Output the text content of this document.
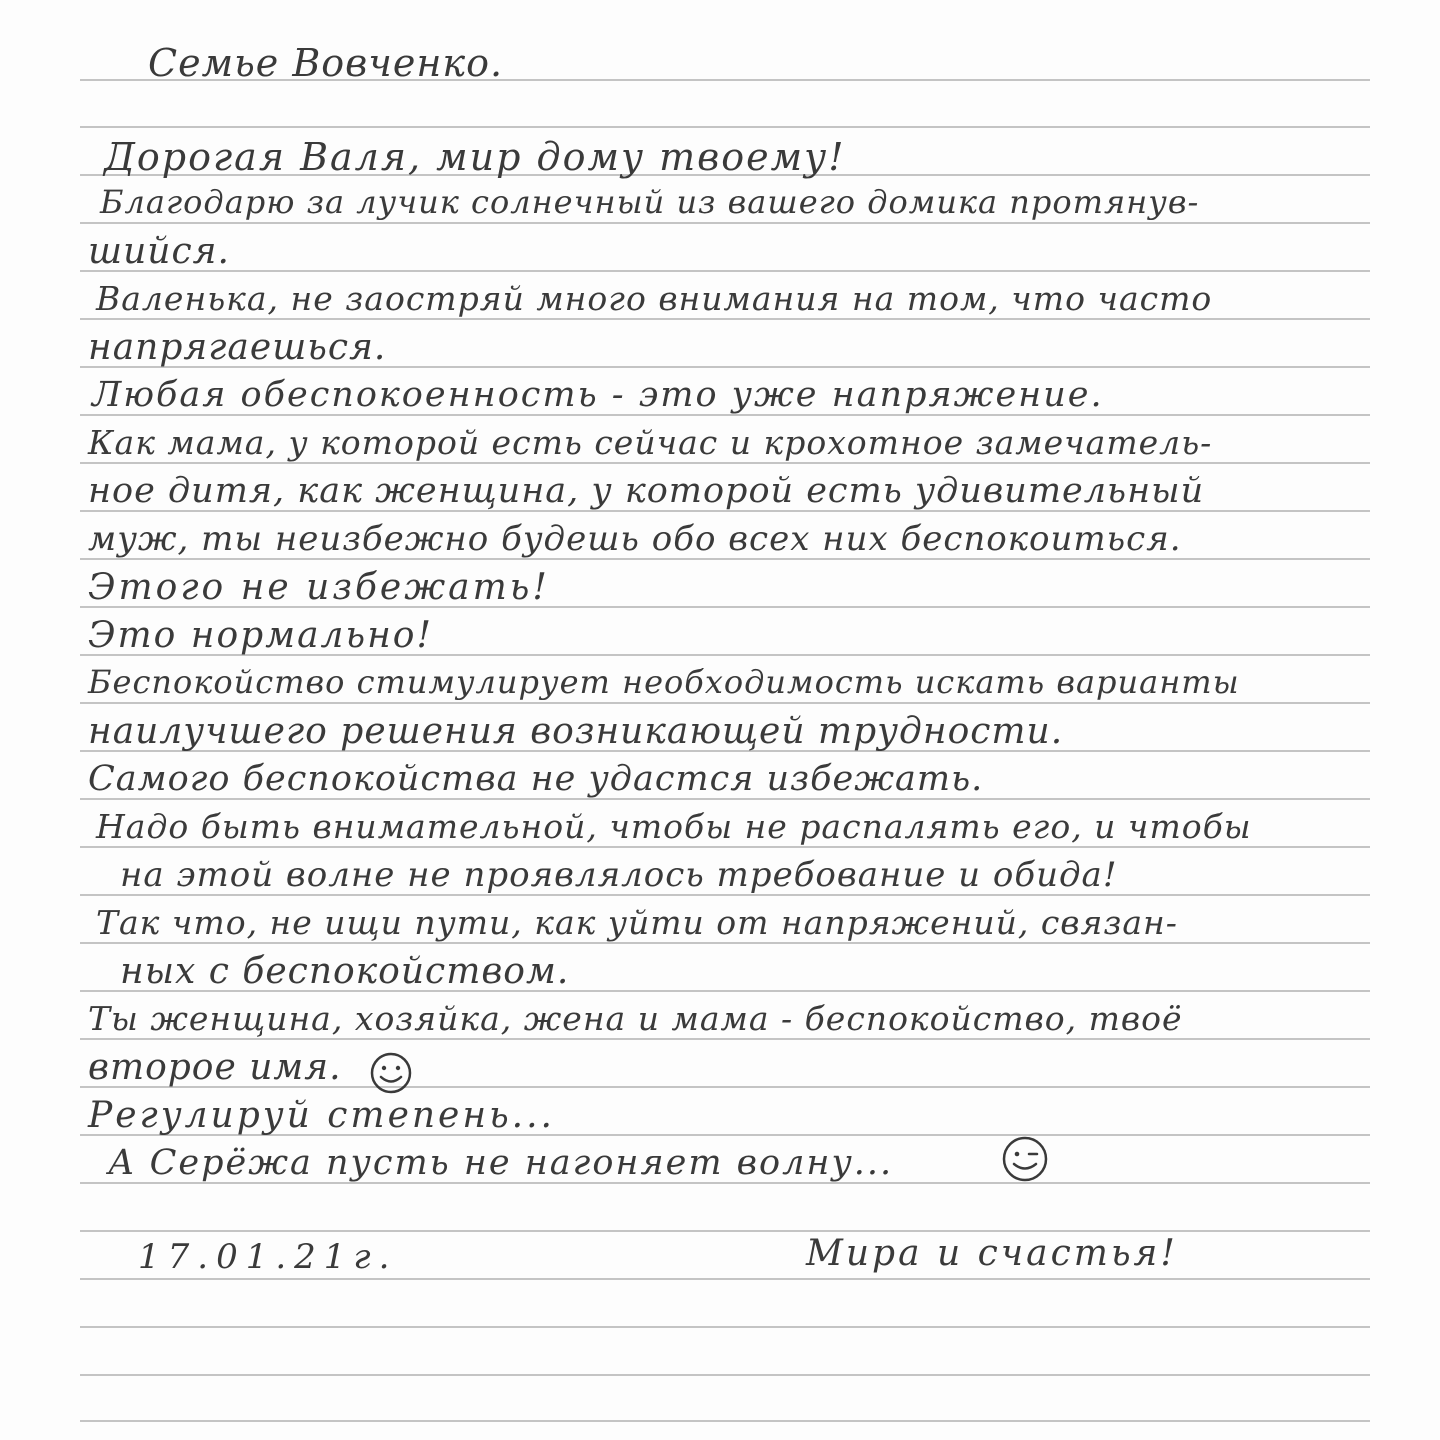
Семье Вовченко.
Дорогая Валя, мир дому твоему!
Благодарю за лучик солнечный из вашего домика протянув-
шийся.
Валенька, не заостряй много внимания на том, что часто
напрягаешься.
Любая обеспокоенность - это уже напряжение.
Как мама, у которой есть сейчас и крохотное замечатель-
ное дитя, как женщина, у которой есть удивительный
муж, ты неизбежно будешь обо всех них беспокоиться.
Этого не избежать!
Это нормально!
Беспокойство стимулирует необходимость искать варианты
наилучшего решения возникающей трудности.
Самого беспокойства не удастся избежать.
Надо быть внимательной, чтобы не распалять его, и чтобы
на этой волне не проявлялось требование и обида!
Так что, не ищи пути, как уйти от напряжений, связан-
ных с беспокойством.
Ты женщина, хозяйка, жена и мама - беспокойство, твоё
второе имя.
Регулируй степень...
А Серёжа пусть не нагоняет волну...
17.01.21г.	Мира и счастья!
